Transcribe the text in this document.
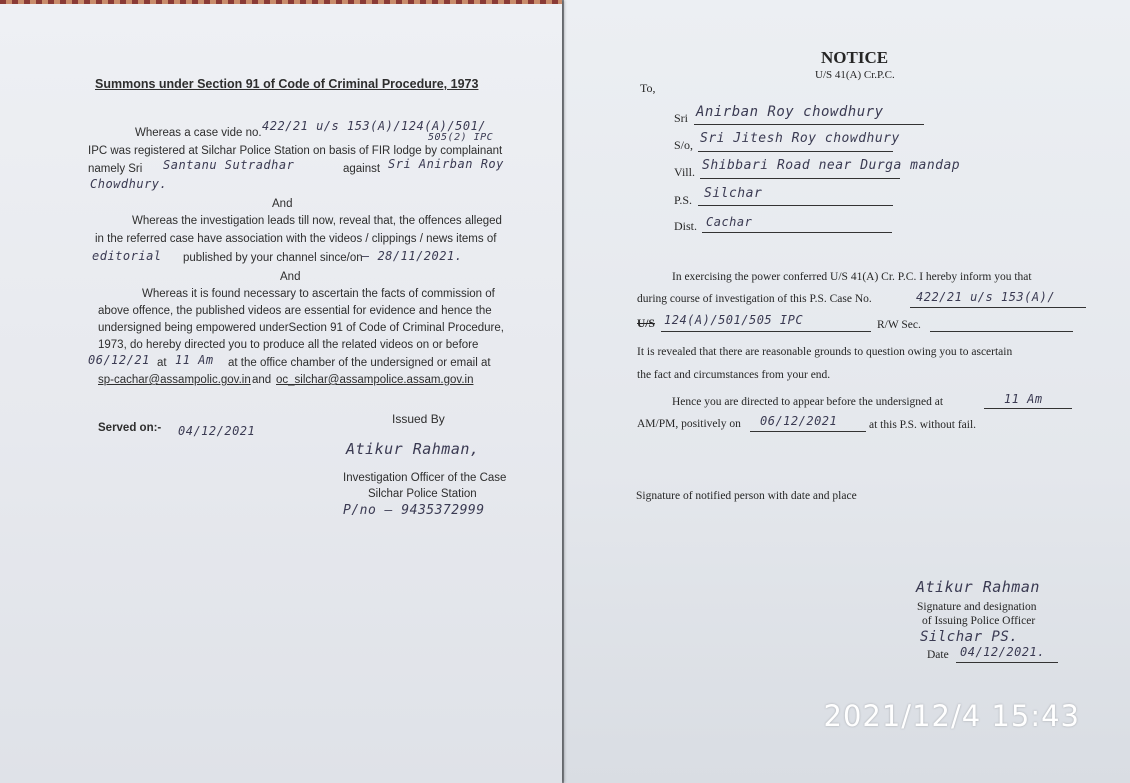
Summons under Section 91 of Code of Criminal Procedure, 1973
Whereas a case vide no. 422/21 u/s 153(A)/124(A)/501/
505(2) IPC
IPC was registered at Silchar Police Station on basis of FIR lodge by complainant
namely Sri Santanu Sutradhar	against Sri Anirban Roy
Chowdhury.
And
Whereas the investigation leads till now, reveal that, the offences alleged
in the referred case have association with the videos / clippings / news items of
editorial published by your channel since/on – 28/11/2021.
And
Whereas it is found necessary to ascertain the facts of commission of
above offence, the published videos are essential for evidence and hence the
undersigned being empowered underSection 91 of Code of Criminal Procedure,
1973, do hereby directed you to produce all the related videos on or before
06/12/21 at 11 Am at the office chamber of the undersigned or email at
sp-cachar@assampolic.gov.in and oc_silchar@assampolice.assam.gov.in
Served on:- 04/12/2021
Issued By
Atikur Rahman,
Investigation Officer of the Case
Silchar Police Station
P/no — 9435372999
NOTICE
U/S 41(A) Cr.P.C.
To,
Sri Anirban Roy chowdhury
S/o, Sri Jitesh Roy chowdhury
Vill. Shibbari Road near Durga mandap
P.S. Silchar
Dist. Cachar
In exercising the power conferred U/S 41(A) Cr. P.C. I hereby inform you that
during course of investigation of this P.S. Case No.	422/21 u/s 153(A)/
U/S 124(A)/501/505 IPC	R/W Sec.
It is revealed that there are reasonable grounds to question owing you to ascertain
the fact and circumstances from your end.
Hence you are directed to appear before the undersigned at	11 Am
AM/PM, positively on 06/12/2021	at this P.S. without fail.
Signature of notified person with date and place
Atikur Rahman
Signature and designation
of Issuing Police Officer
Silchar PS.
Date 04/12/2021.
2021/12/4 15:43
